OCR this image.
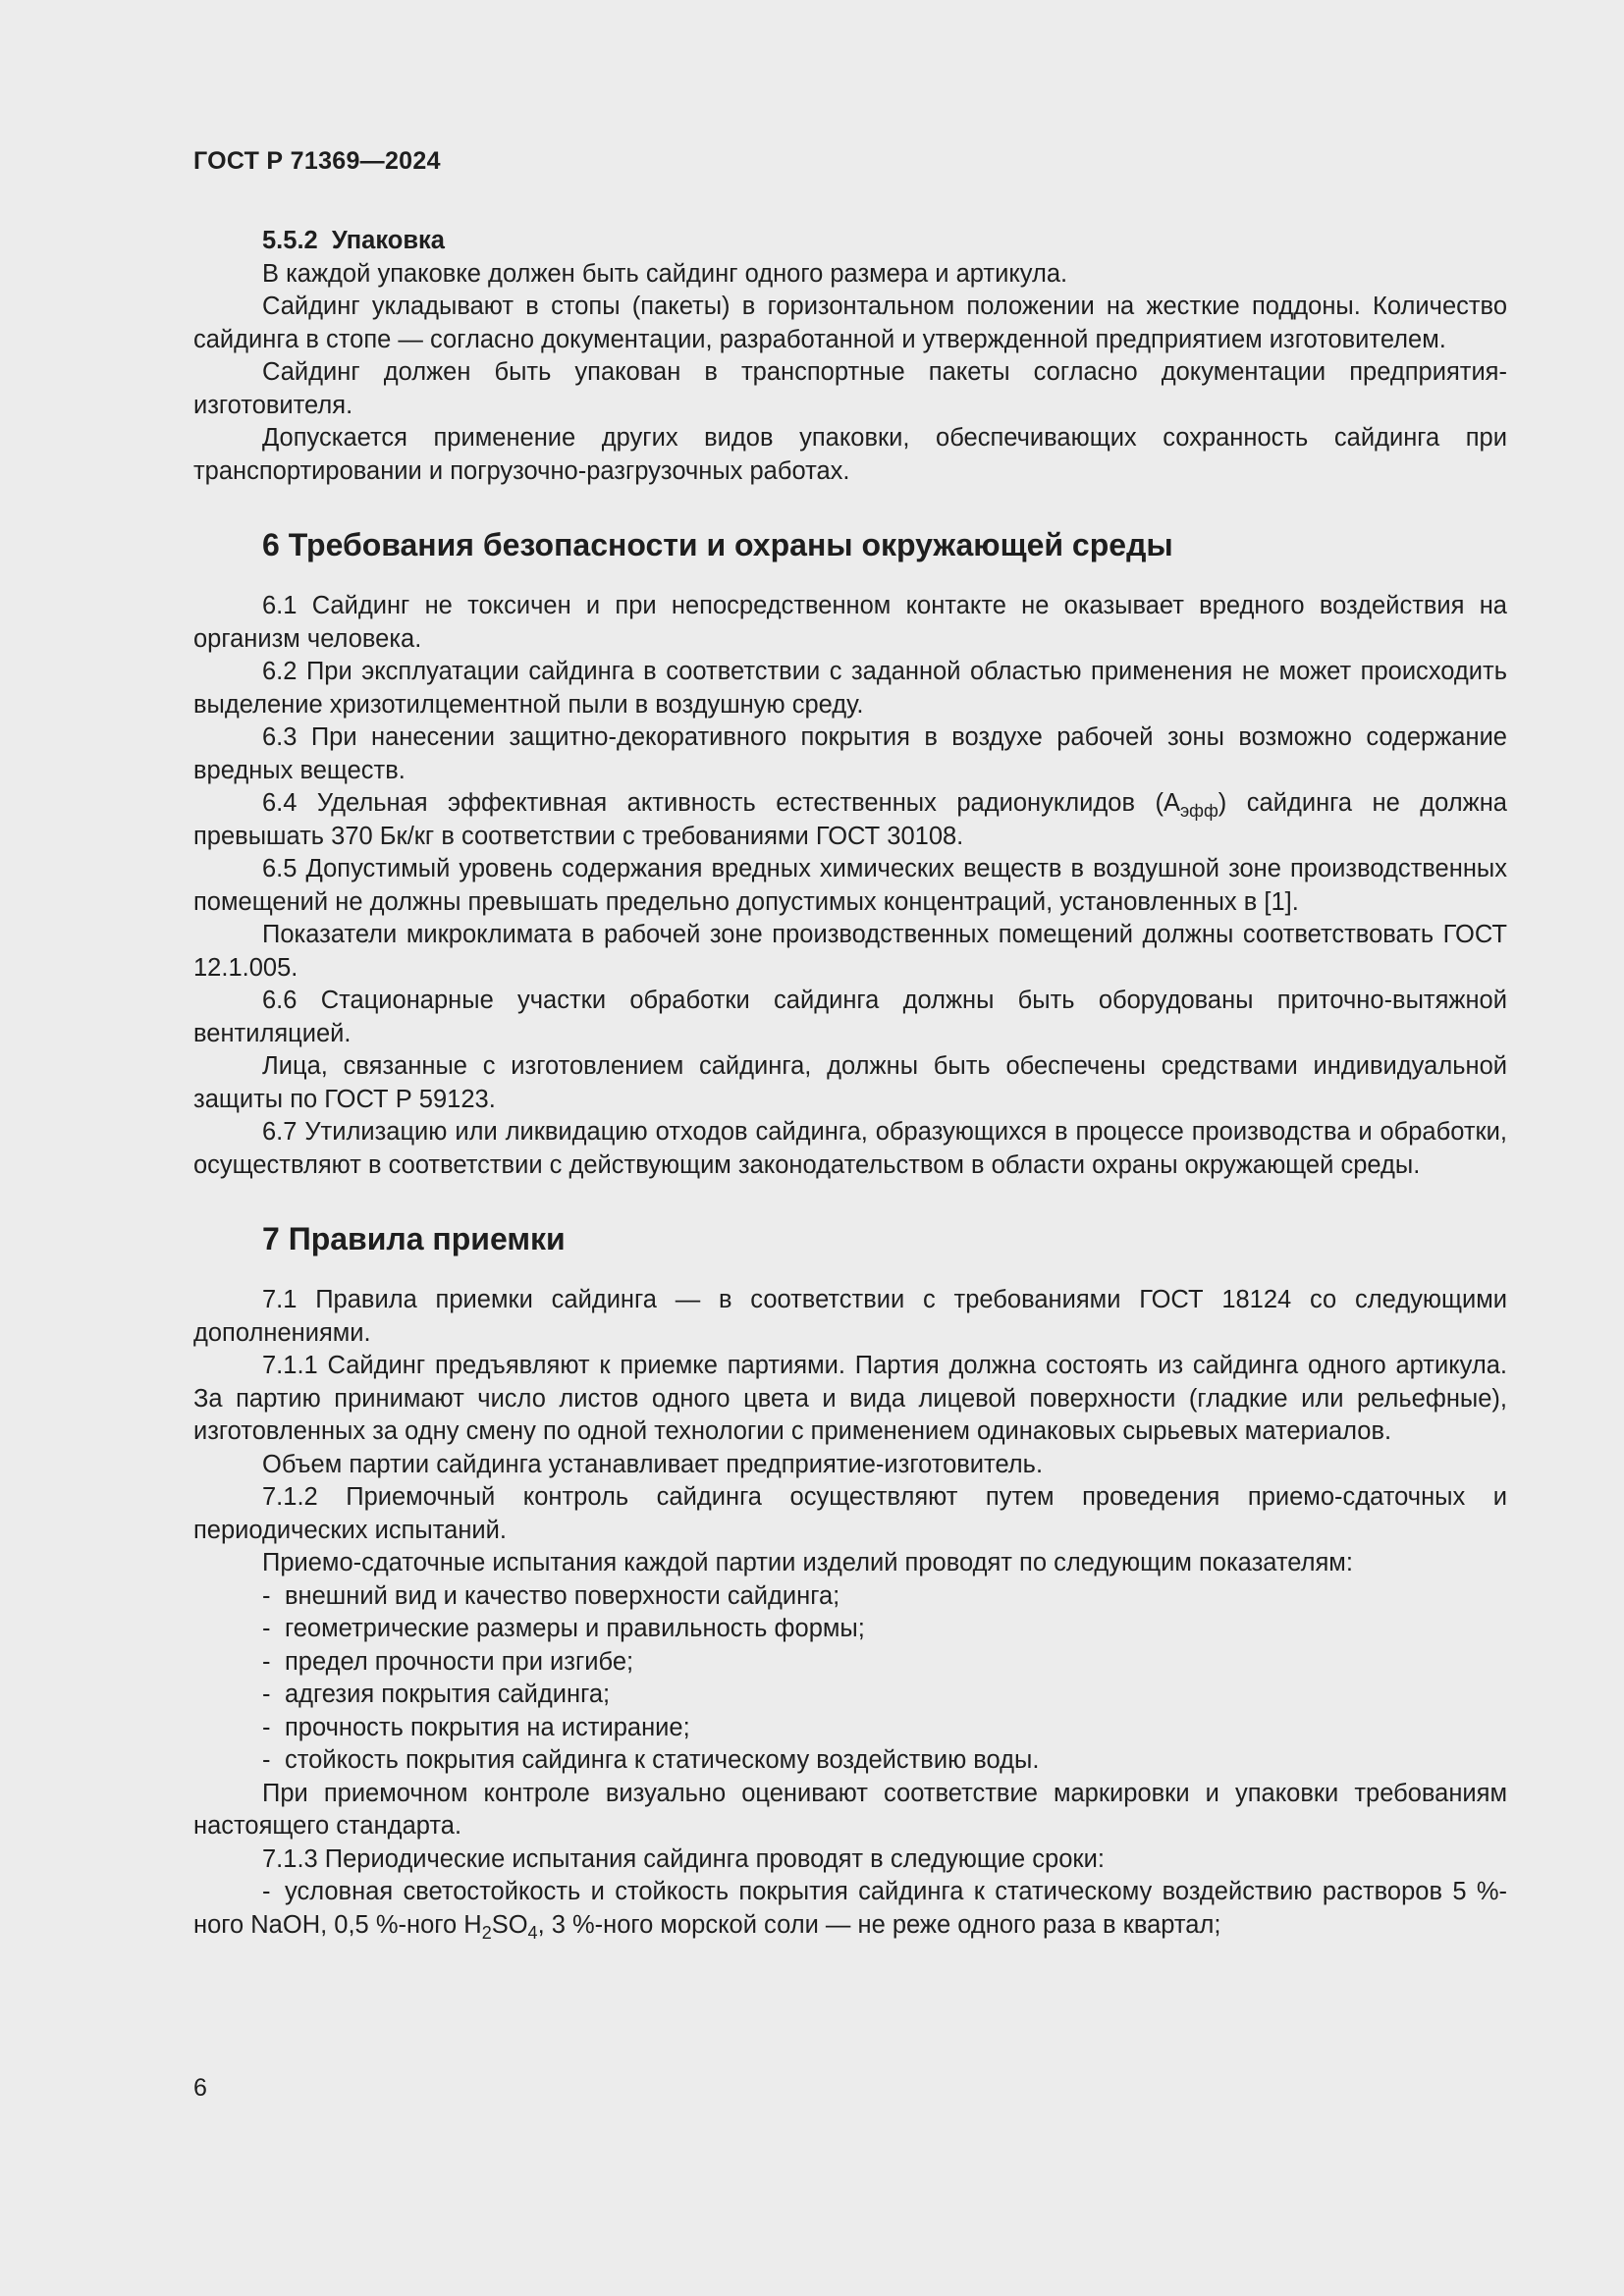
ГОСТ Р 71369—2024

5.5.2 Упаковка

В каждой упаковке должен быть сайдинг одного размера и артикула.

Сайдинг укладывают в стопы (пакеты) в горизонтальном положении на жесткие поддоны. Количество сайдинга в стопе — согласно документации, разработанной и утвержденной предприятием изготовителем.

Сайдинг должен быть упакован в транспортные пакеты согласно документации предприятия-изготовителя.

Допускается применение других видов упаковки, обеспечивающих сохранность сайдинга при транспортировании и погрузочно-разгрузочных работах.

6 Требования безопасности и охраны окружающей среды

6.1 Сайдинг не токсичен и при непосредственном контакте не оказывает вредного воздействия на организм человека.

6.2 При эксплуатации сайдинга в соответствии с заданной областью применения не может происходить выделение хризотилцементной пыли в воздушную среду.

6.3 При нанесении защитно-декоративного покрытия в воздухе рабочей зоны возможно содержание вредных веществ.

6.4 Удельная эффективная активность естественных радионуклидов $(A_{эфф})$ сайдинга не должна превышать 370 Бк/кг в соответствии с требованиями ГОСТ 30108.

6.5 Допустимый уровень содержания вредных химических веществ в воздушной зоне производственных помещений не должны превышать предельно допустимых концентраций, установленных в [1].

Показатели микроклимата в рабочей зоне производственных помещений должны соответствовать ГОСТ 12.1.005.

6.6 Стационарные участки обработки сайдинга должны быть оборудованы приточно-вытяжной вентиляцией.

Лица, связанные с изготовлением сайдинга, должны быть обеспечены средствами индивидуальной защиты по ГОСТ Р 59123.

6.7 Утилизацию или ликвидацию отходов сайдинга, образующихся в процессе производства и обработки, осуществляют в соответствии с действующим законодательством в области охраны окружающей среды.

7 Правила приемки

7.1 Правила приемки сайдинга — в соответствии с требованиями ГОСТ 18124 со следующими дополнениями.

7.1.1 Сайдинг предъявляют к приемке партиями. Партия должна состоять из сайдинга одного артикула. За партию принимают число листов одного цвета и вида лицевой поверхности (гладкие или рельефные), изготовленных за одну смену по одной технологии с применением одинаковых сырьевых материалов.

Объем партии сайдинга устанавливает предприятие-изготовитель.

7.1.2 Приемочный контроль сайдинга осуществляют путем проведения приемо-сдаточных и периодических испытаний.

Приемо-сдаточные испытания каждой партии изделий проводят по следующим показателям:

- внешний вид и качество поверхности сайдинга;

- геометрические размеры и правильность формы;

- предел прочности при изгибе;

- адгезия покрытия сайдинга;

- прочность покрытия на истирание;

- стойкость покрытия сайдинга к статическому воздействию воды.

При приемочном контроле визуально оценивают соответствие маркировки и упаковки требованиям настоящего стандарта.

7.1.3 Периодические испытания сайдинга проводят в следующие сроки:

- условная светостойкость и стойкость покрытия сайдинга к статическому воздействию растворов 5 %-ного NaOH, 0,5 %-ного $H_2SO_4$, 3 %-ного морской соли — не реже одного раза в квартал;

6
